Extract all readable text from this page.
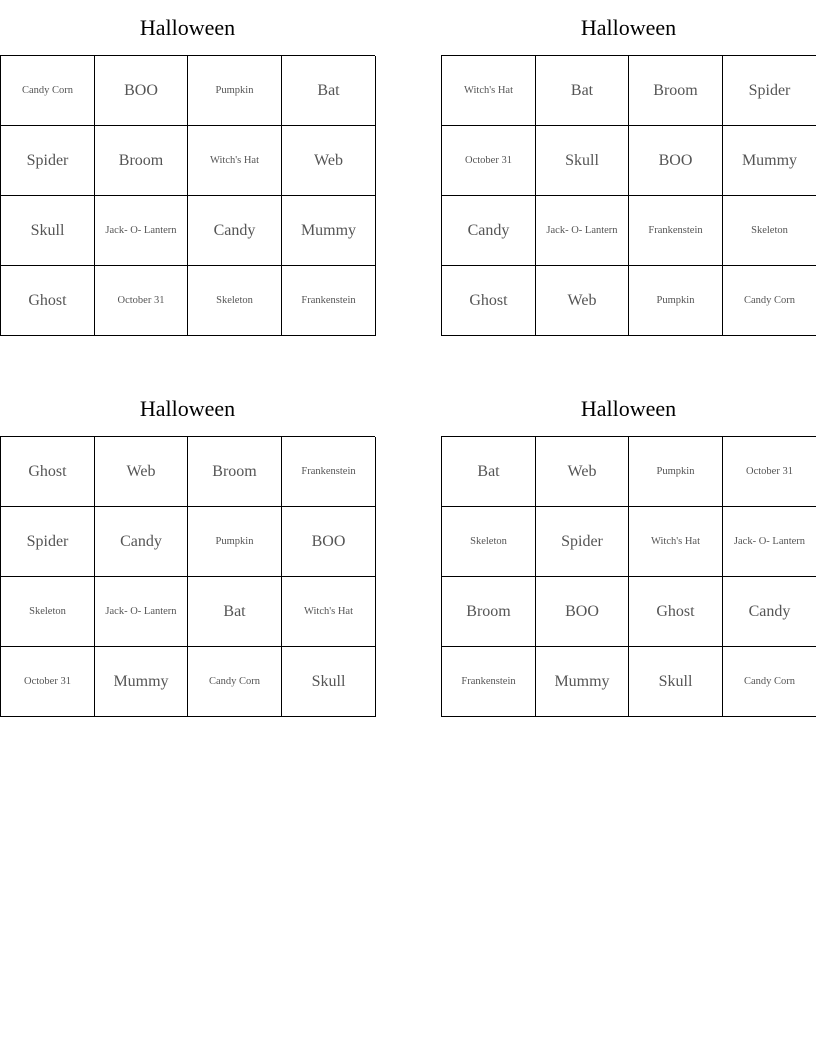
Halloween
Candy Corn	BOO	Pumpkin	Bat
Spider	Broom	Witch's Hat	Web
Skull	Jack- O- Lantern	Candy	Mummy
Ghost	October 31	Skeleton	Frankenstein
Halloween
Witch's Hat	Bat	Broom	Spider
October 31	Skull	BOO	Mummy
Candy	Jack- O- Lantern	Frankenstein	Skeleton
Ghost	Web	Pumpkin	Candy Corn
Halloween
Ghost	Web	Broom	Frankenstein
Spider	Candy	Pumpkin	BOO
Skeleton	Jack- O- Lantern	Bat	Witch's Hat
October 31	Mummy	Candy Corn	Skull
Halloween
Bat	Web	Pumpkin	October 31
Skeleton	Spider	Witch's Hat	Jack- O- Lantern
Broom	BOO	Ghost	Candy
Frankenstein	Mummy	Skull	Candy Corn
